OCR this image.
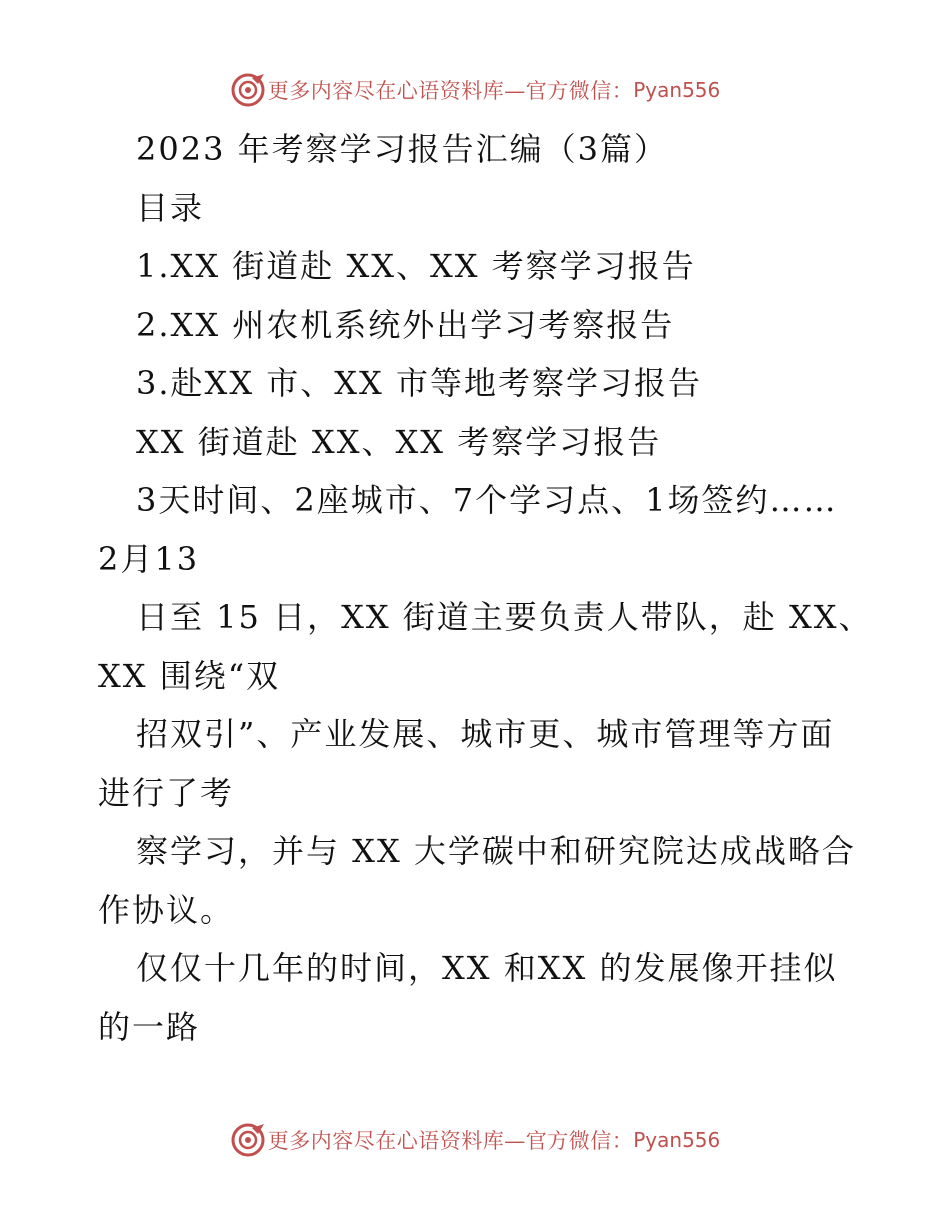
更多内容尽在心语资料库—官方微信： Pyan556
2023 年考察学习报告汇编（3篇）
目录
1.XX 街道赴 XX、XX 考察学习报告
2.XX 州农机系统外出学习考察报告
3.赴XX 市、XX 市等地考察学习报告
XX 街道赴 XX、XX 考察学习报告
3天时间、2座城市、7个学习点、1场签约……
2月13
日至 15 日，XX 街道主要负责人带队，赴 XX、
XX 围绕“双
招双引”、产业发展、城市更、城市管理等方面
进行了考
察学习，并与 XX 大学碳中和研究院达成战略合
作协议。
仅仅十几年的时间，XX 和XX 的发展像开挂似
的一路
更多内容尽在心语资料库—官方微信： Pyan556
